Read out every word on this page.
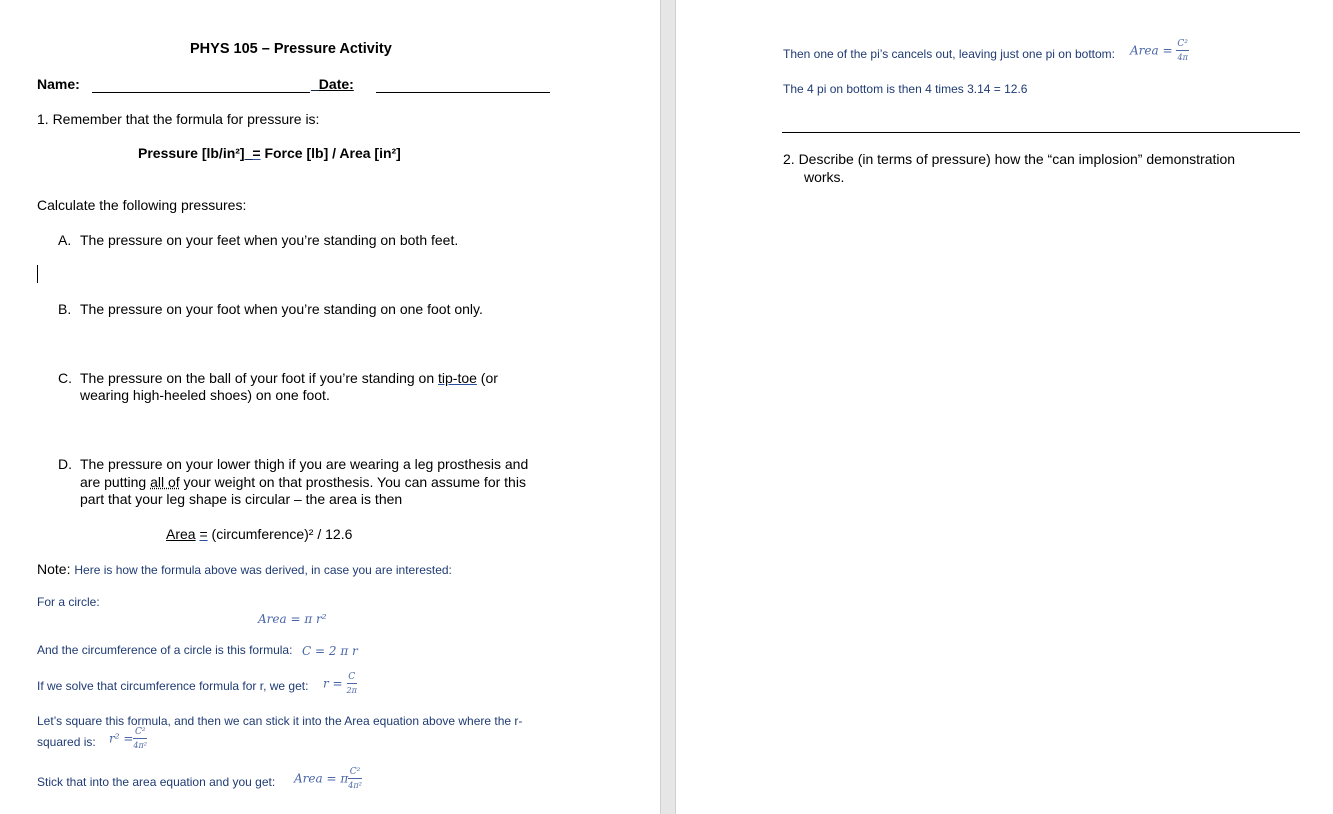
PHYS 105 – Pressure Activity
Name:	_Date:
1. Remember that the formula for pressure is:
Pressure [lb/in²]_= Force [lb] / Area [in²]
Calculate the following pressures:
A. The pressure on your feet when you’re standing on both feet.
B. The pressure on your foot when you’re standing on one foot only.
C. The pressure on the ball of your foot if you’re standing on tip-toe (or
wearing high-heeled shoes) on one foot.
D. The pressure on your lower thigh if you are wearing a leg prosthesis and
are putting all of your weight on that prosthesis. You can assume for this
part that your leg shape is circular – the area is then
Area = (circumference)² / 12.6
Note: Here is how the formula above was derived, in case you are interested:
For a circle:
Area = π r²
And the circumference of a circle is this formula: C = 2 π r
If we solve that circumference formula for r, we get: $r = \frac{C}{2\pi}$
Let’s square this formula, and then we can stick it into the Area equation above where the r-
squared is: $r^2 = \frac{\text{C²}}{\text{4π²}}$
Stick that into the area equation and you get: Area = π $\frac{\text{C²}}{\text{4π²}}$
Then one of the pi’s cancels out, leaving just one pi on bottom: Area = $\frac{\text{C²}}{4\pi}$
The 4 pi on bottom is then 4 times 3.14 = 12.6
2. Describe (in terms of pressure) how the “can implosion” demonstration
works.
